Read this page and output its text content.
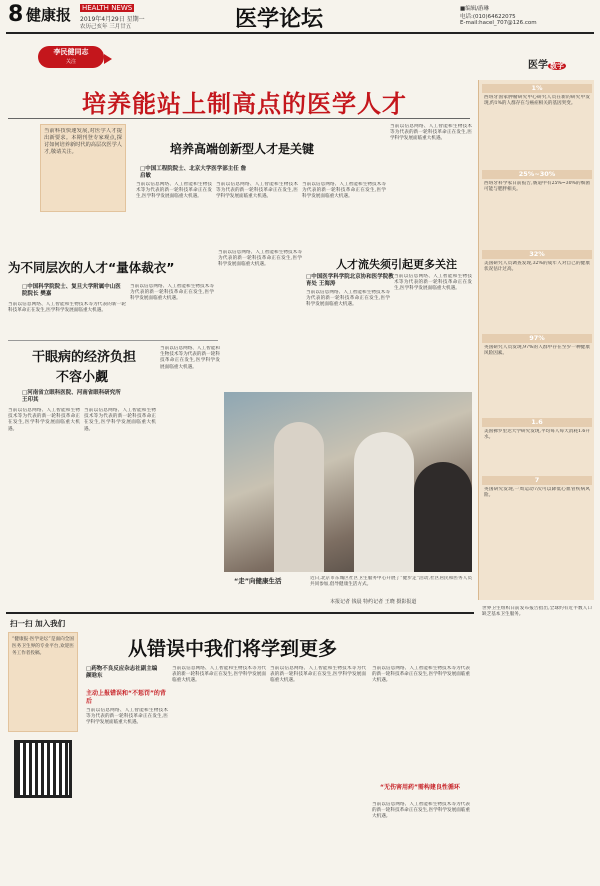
8 健康报 HEALTH NEWS
2019年4月29日 星期一
农历己亥年 三月廿五	医学论坛	■编辑/游琳
电话:(010)64622075
E-mail:hacel_707@126.com
李民健同志
关注	医学 数字
培养能站上制高点的医学人才
当前科技快速发展,对医学人才提出新要求。本期刊登专家观点,探讨如何培养新时代的高层次医学人才,敬请关注。	培养高端创新型人才是关键
□中国工程院院士、北京大学医学部主任 詹启敏
当前以信息网络、人工智能和生物技术等为代表的新一轮科技革命正在发生,医学科学发展面临重大机遇。
当前以信息网络、人工智能和生物技术等为代表的新一轮科技革命正在发生,医学科学发展面临重大机遇。
当前以信息网络、人工智能和生物技术等为代表的新一轮科技革命正在发生,医学科学发展面临重大机遇。
当前以信息网络、人工智能和生物技术等为代表的新一轮科技革命正在发生,医学科学发展面临重大机遇。
为不同层次的人才“量体裁衣”
□中国科学院院士、复旦大学附属中山医院院长 樊嘉
当前以信息网络、人工智能和生物技术等为代表的新一轮科技革命正在发生,医学科学发展面临重大机遇。
当前以信息网络、人工智能和生物技术等为代表的新一轮科技革命正在发生,医学科学发展面临重大机遇。
当前以信息网络、人工智能和生物技术等为代表的新一轮科技革命正在发生,医学科学发展面临重大机遇。	人才流失须引起更多关注
□中国医学科学院北京协和医学院教育处 王海涛
当前以信息网络、人工智能和生物技术等为代表的新一轮科技革命正在发生,医学科学发展面临重大机遇。
当前以信息网络、人工智能和生物技术等为代表的新一轮科技革命正在发生,医学科学发展面临重大机遇。
干眼病的经济负担
不容小觑
□河南省立眼科医院、河南省眼科研究所 王印其
当前以信息网络、人工智能和生物技术等为代表的新一轮科技革命正在发生,医学科学发展面临重大机遇。
当前以信息网络、人工智能和生物技术等为代表的新一轮科技革命正在发生,医学科学发展面临重大机遇。
当前以信息网络、人工智能和生物技术等为代表的新一轮科技革命正在发生,医学科学发展面临重大机遇。
“走”向健康生活	近日,北京市东城区社区卫生服务中心开展了“健步走”活动,社区居民和医务人员共同参加,倡导健康生活方式。
本报记者 钱晨 特约记者 王晓 摄影报道
扫一扫 加入我们
“健康报·医学论坛”是面向全国医务卫生界的专业平台,欢迎医务工作者投稿。	从错误中我们将学到更多
□药物不良反应杂志社副主编 颜晗东
主动上报错误和“不惩罚”的背后
当前以信息网络、人工智能和生物技术等为代表的新一轮科技革命正在发生,医学科学发展面临重大机遇。
当前以信息网络、人工智能和生物技术等为代表的新一轮科技革命正在发生,医学科学发展面临重大机遇。
当前以信息网络、人工智能和生物技术等为代表的新一轮科技革命正在发生,医学科学发展面临重大机遇。
“无伤害用药”需构建良性循环
当前以信息网络、人工智能和生物技术等为代表的新一轮科技革命正在发生,医学科学发展面临重大机遇。
当前以信息网络、人工智能和生物技术等为代表的新一轮科技革命正在发生,医学科学发展面临重大机遇。
1%
西班牙国家肿瘤研究中心研究人员在新的研究中发现,约1%的人群存在与癌症相关的基因突变。
25%~30%
西班牙科学家日前报告,肠道中有25%~30%的细菌可能与肥胖相关。
32%
美国研究人员调查发现,32%的成年人对自己的健康状况估计过高。
97%
英国研究人员发现,97%的人群中存在至少一种健康风险因素。
1.6
美国佛罗里达大学研究发现,平均每人每天消耗1.6升水。
7
英国研究发现,一周运动7次可以降低心血管疾病风险。
世界卫生组织日前发布报告指出,全球约有近半数人口缺乏基本卫生服务。
